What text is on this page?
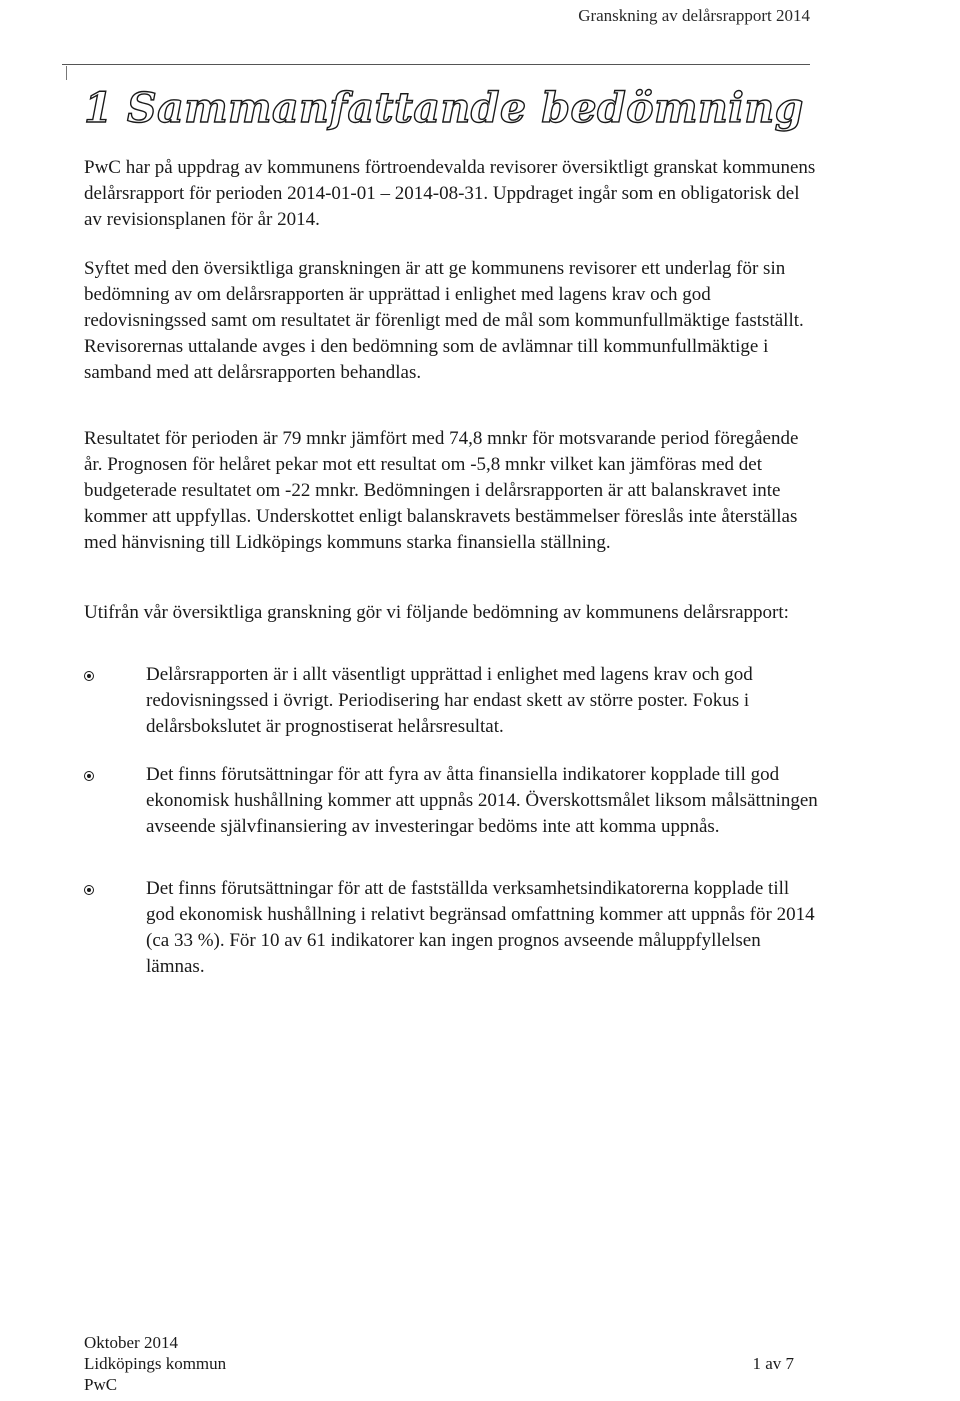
Granskning av delårsrapport 2014
1 Sammanfattande bedömning

PwC har på uppdrag av kommunens förtroendevalda revisorer översiktligt granskat kommunens delårsrapport för perioden 2014-01-01 – 2014-08-31. Uppdraget ingår som en obligatorisk del av revisionsplanen för år 2014.

Syftet med den översiktliga granskningen är att ge kommunens revisorer ett underlag för sin bedömning av om delårsrapporten är upprättad i enlighet med lagens krav och god redovisningssed samt om resultatet är förenligt med de mål som kommunfullmäktige fastställt. Revisorernas uttalande avges i den bedömning som de avlämnar till kommunfullmäktige i samband med att delårsrapporten behandlas.

Resultatet för perioden är 79 mnkr jämfört med 74,8 mnkr för motsvarande period föregående år. Prognosen för helåret pekar mot ett resultat om -5,8 mnkr vilket kan jämföras med det budgeterade resultatet om -22 mnkr. Bedömningen i delårsrapporten är att balanskravet inte kommer att uppfyllas. Underskottet enligt balanskravets bestämmelser föreslås inte återställas med hänvisning till Lidköpings kommuns starka finansiella ställning.

Utifrån vår översiktliga granskning gör vi följande bedömning av kommunens delårsrapport:

Delårsrapporten är i allt väsentligt upprättad i enlighet med lagens krav och god redovisningssed i övrigt. Periodisering har endast skett av större poster. Fokus i delårsbokslutet är prognostiserat helårsresultat.
Det finns förutsättningar för att fyra av åtta finansiella indikatorer kopplade till god ekonomisk hushållning kommer att uppnås 2014. Överskottsmålet liksom målsättningen avseende självfinansiering av investeringar bedöms inte att komma uppnås.
Det finns förutsättningar för att de fastställda verksamhetsindikatorerna kopplade till god ekonomisk hushållning i relativt begränsad omfattning kommer att uppnås för 2014 (ca 33 %). För 10 av 61 indikatorer kan ingen prognos avseende måluppfyllelsen lämnas.
Oktober 2014
Lidköpings kommun
PwC
1 av 7
